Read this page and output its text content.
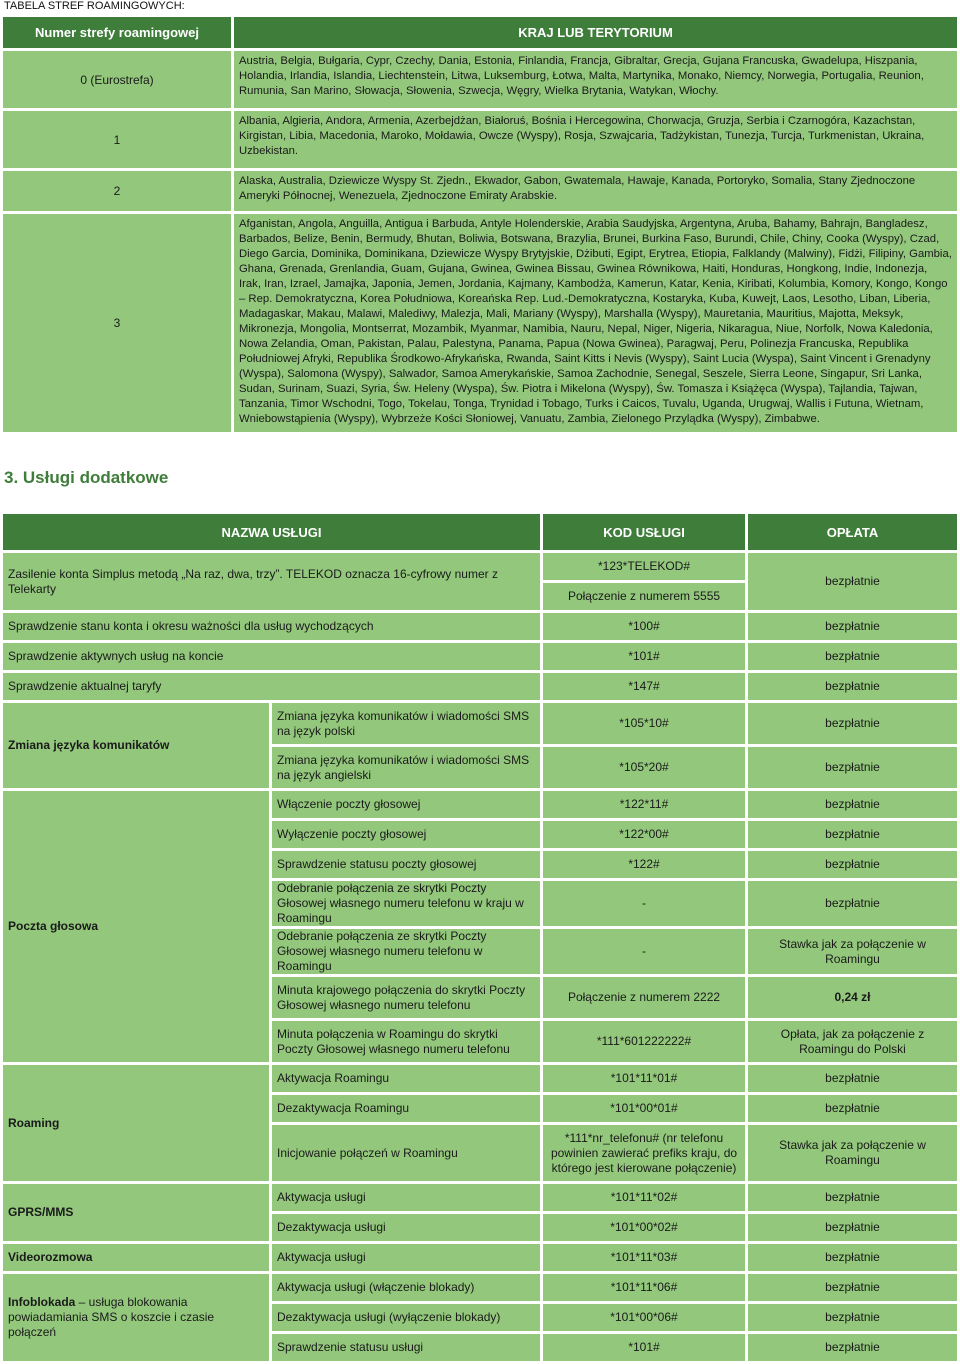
TABELA STREF ROAMINGOWYCH:
Numer strefy roamingowej	KRAJ LUB TERYTORIUM
0 (Eurostrefa)	Austria, Belgia, Bułgaria, Cypr, Czechy, Dania, Estonia, Finlandia, Francja, Gibraltar, Grecja, Gujana Francuska, Gwadelupa, Hiszpania, Holandia, Irlandia, Islandia, Liechtenstein, Litwa, Luksemburg, Łotwa, Malta, Martynika, Monako, Niemcy, Norwegia, Portugalia, Reunion, Rumunia, San Marino, Słowacja, Słowenia, Szwecja, Węgry, Wielka Brytania, Watykan, Włochy.
1	Albania, Algieria, Andora, Armenia, Azerbejdżan, Białoruś, Bośnia i Hercegowina, Chorwacja, Gruzja, Serbia i Czarnogóra, Kazachstan, Kirgistan, Libia, Macedonia, Maroko, Mołdawia, Owcze (Wyspy), Rosja, Szwajcaria, Tadżykistan, Tunezja, Turcja, Turkmenistan, Ukraina, Uzbekistan.
2	Alaska, Australia, Dziewicze Wyspy St. Zjedn., Ekwador, Gabon, Gwatemala, Hawaje, Kanada, Portoryko, Somalia, Stany Zjednoczone Ameryki Północnej, Wenezuela, Zjednoczone Emiraty Arabskie.
3	Afganistan, Angola, Anguilla, Antigua i Barbuda, Antyle Holenderskie, Arabia Saudyjska, Argentyna, Aruba, Bahamy, Bahrajn, Bangladesz, Barbados, Belize, Benin, Bermudy, Bhutan, Boliwia, Botswana, Brazylia, Brunei, Burkina Faso, Burundi, Chile, Chiny, Cooka (Wyspy), Czad, Diego Garcia, Dominika, Dominikana, Dziewicze Wyspy Brytyjskie, Dżibuti, Egipt, Erytrea, Etiopia, Falklandy (Malwiny), Fidżi, Filipiny, Gambia, Ghana, Grenada, Grenlandia, Guam, Gujana, Gwinea, Gwinea Bissau, Gwinea Równikowa, Haiti, Honduras, Hongkong, Indie, Indonezja, Irak, Iran, Izrael, Jamajka, Japonia, Jemen, Jordania, Kajmany, Kambodża, Kamerun, Katar, Kenia, Kiribati, Kolumbia, Komory, Kongo, Kongo – Rep. Demokratyczna, Korea Południowa, Koreańska Rep. Lud.-Demokratyczna, Kostaryka, Kuba, Kuwejt, Laos, Lesotho, Liban, Liberia, Madagaskar, Makau, Malawi, Malediwy, Malezja, Mali, Mariany (Wyspy), Marshalla (Wyspy), Mauretania, Mauritius, Majotta, Meksyk, Mikronezja, Mongolia, Montserrat, Mozambik, Myanmar, Namibia, Nauru, Nepal, Niger, Nigeria, Nikaragua, Niue, Norfolk, Nowa Kaledonia, Nowa Zelandia, Oman, Pakistan, Palau, Palestyna, Panama, Papua (Nowa Gwinea), Paragwaj, Peru, Polinezja Francuska, Republika Południowej Afryki, Republika Środkowo-Afrykańska, Rwanda, Saint Kitts i Nevis (Wyspy), Saint Lucia (Wyspa), Saint Vincent i Grenadyny (Wyspa), Salomona (Wyspy), Salwador, Samoa Amerykańskie, Samoa Zachodnie, Senegal, Seszele, Sierra Leone, Singapur, Sri Lanka, Sudan, Surinam, Suazi, Syria, Św. Heleny (Wyspa), Św. Piotra i Mikelona (Wyspy), Św. Tomasza i Książęca (Wyspa), Tajlandia, Tajwan, Tanzania, Timor Wschodni, Togo, Tokelau, Tonga, Trynidad i Tobago, Turks i Caicos, Tuvalu, Uganda, Urugwaj, Wallis i Futuna, Wietnam, Wniebowstąpienia (Wyspy), Wybrzeże Kości Słoniowej, Vanuatu, Zambia, Zielonego Przylądka (Wyspy), Zimbabwe.
3. Usługi dodatkowe
NAZWA USŁUGI		KOD USŁUGI	OPŁATA
Zasilenie konta Simplus metodą „Na raz, dwa, trzy”. TELEKOD oznacza 16-cyfrowy numer z Telekarty		*123*TELEKOD#	bezpłatnie
		Połączenie z numerem 5555	
Sprawdzenie stanu konta i okresu ważności dla usług wychodzących		*100#	bezpłatnie
Sprawdzenie aktywnych usług na koncie		*101#	bezpłatnie
Sprawdzenie aktualnej taryfy		*147#	bezpłatnie
Zmiana języka komunikatów	Zmiana języka komunikatów i wiadomości SMS na język polski	*105*10#	bezpłatnie
	Zmiana języka komunikatów i wiadomości SMS na język angielski	*105*20#	bezpłatnie
Poczta głosowa	Włączenie poczty głosowej	*122*11#	bezpłatnie
	Wyłączenie poczty głosowej	*122*00#	bezpłatnie
	Sprawdzenie statusu poczty głosowej	*122#	bezpłatnie
	Odebranie połączenia ze skrytki Poczty Głosowej własnego numeru telefonu w kraju w Roamingu	-	bezpłatnie
	Odebranie połączenia ze skrytki Poczty Głosowej własnego numeru telefonu w Roamingu	-	Stawka jak za połączenie w Roamingu
	Minuta krajowego połączenia do skrytki Poczty Głosowej własnego numeru telefonu	Połączenie z numerem 2222	0,24 zł
	Minuta połączenia w Roamingu do skrytki Poczty Głosowej własnego numeru telefonu	*111*601222222#	Opłata, jak za połączenie z Roamingu do Polski
Roaming	Aktywacja Roamingu	*101*11*01#	bezpłatnie
	Dezaktywacja Roamingu	*101*00*01#	bezpłatnie
	Inicjowanie połączeń w Roamingu	*111*nr_telefonu# (nr telefonu powinien zawierać prefiks kraju, do którego jest kierowane połączenie)	Stawka jak za połączenie w Roamingu
GPRS/MMS	Aktywacja usługi	*101*11*02#	bezpłatnie
	Dezaktywacja usługi	*101*00*02#	bezpłatnie
Videorozmowa	Aktywacja usługi	*101*11*03#	bezpłatnie
Infoblokada – usługa blokowania powiadamiania SMS o koszcie i czasie połączeń	Aktywacja usługi (włączenie blokady)	*101*11*06#	bezpłatnie
	Dezaktywacja usługi (wyłączenie blokady)	*101*00*06#	bezpłatnie
	Sprawdzenie statusu usługi	*101#	bezpłatnie
